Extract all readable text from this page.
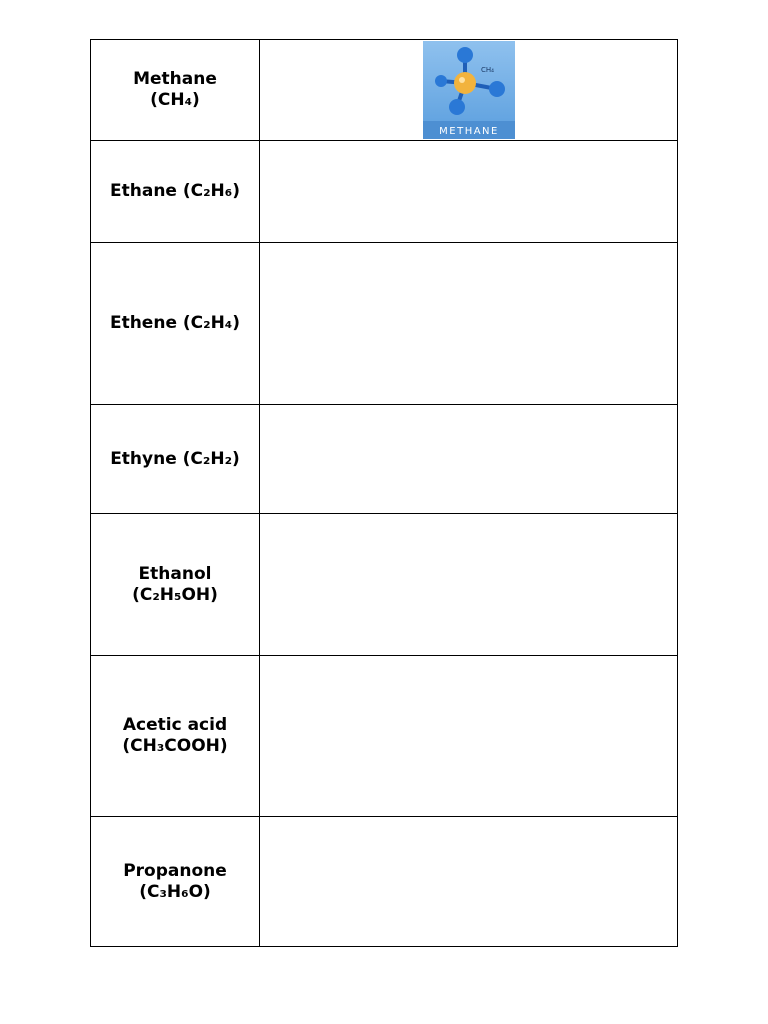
Methane
(CH₄)	CH₄
METHANE

Ethane (C₂H₆)	

Ethene (C₂H₄)	

Ethyne (C₂H₂)	

Ethanol
(C₂H₅OH)	

Acetic acid
(CH₃COOH)	

Propanone
(C₃H₆O)	
